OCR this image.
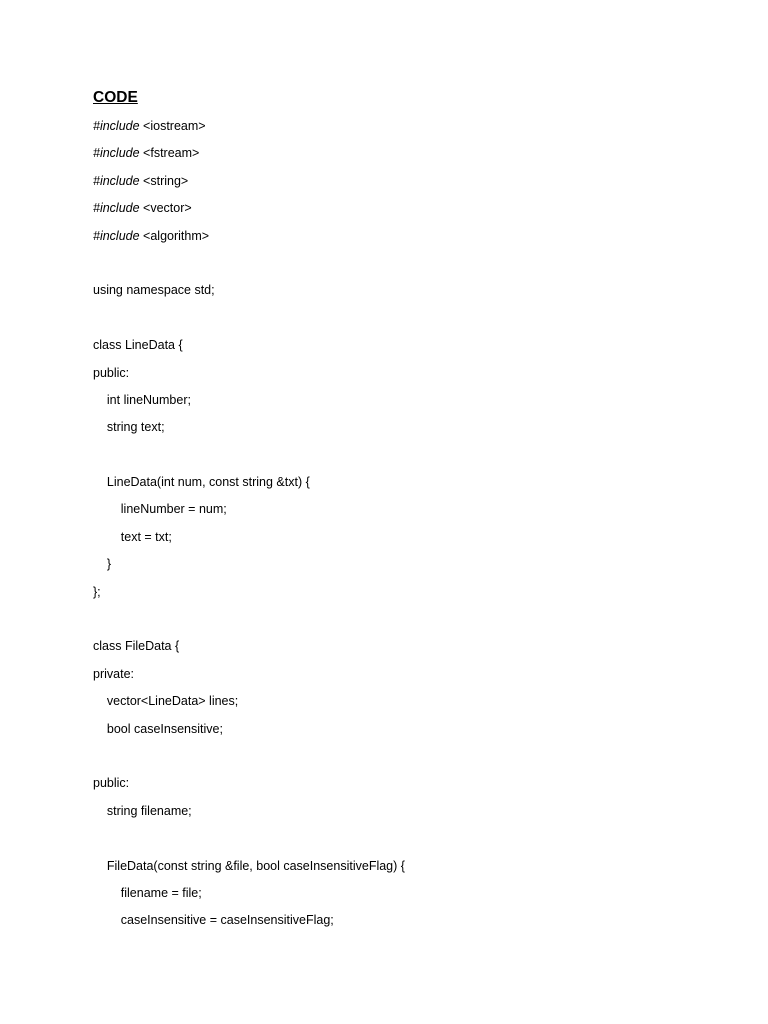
CODE
#include <iostream>
#include <fstream>
#include <string>
#include <vector>
#include <algorithm>
using namespace std;
class LineData {
public:
int lineNumber;
string text;
LineData(int num, const string &txt) {
lineNumber = num;
text = txt;
}
};
class FileData {
private:
vector<LineData> lines;
bool caseInsensitive;
public:
string filename;
FileData(const string &file, bool caseInsensitiveFlag) {
filename = file;
caseInsensitive = caseInsensitiveFlag;
